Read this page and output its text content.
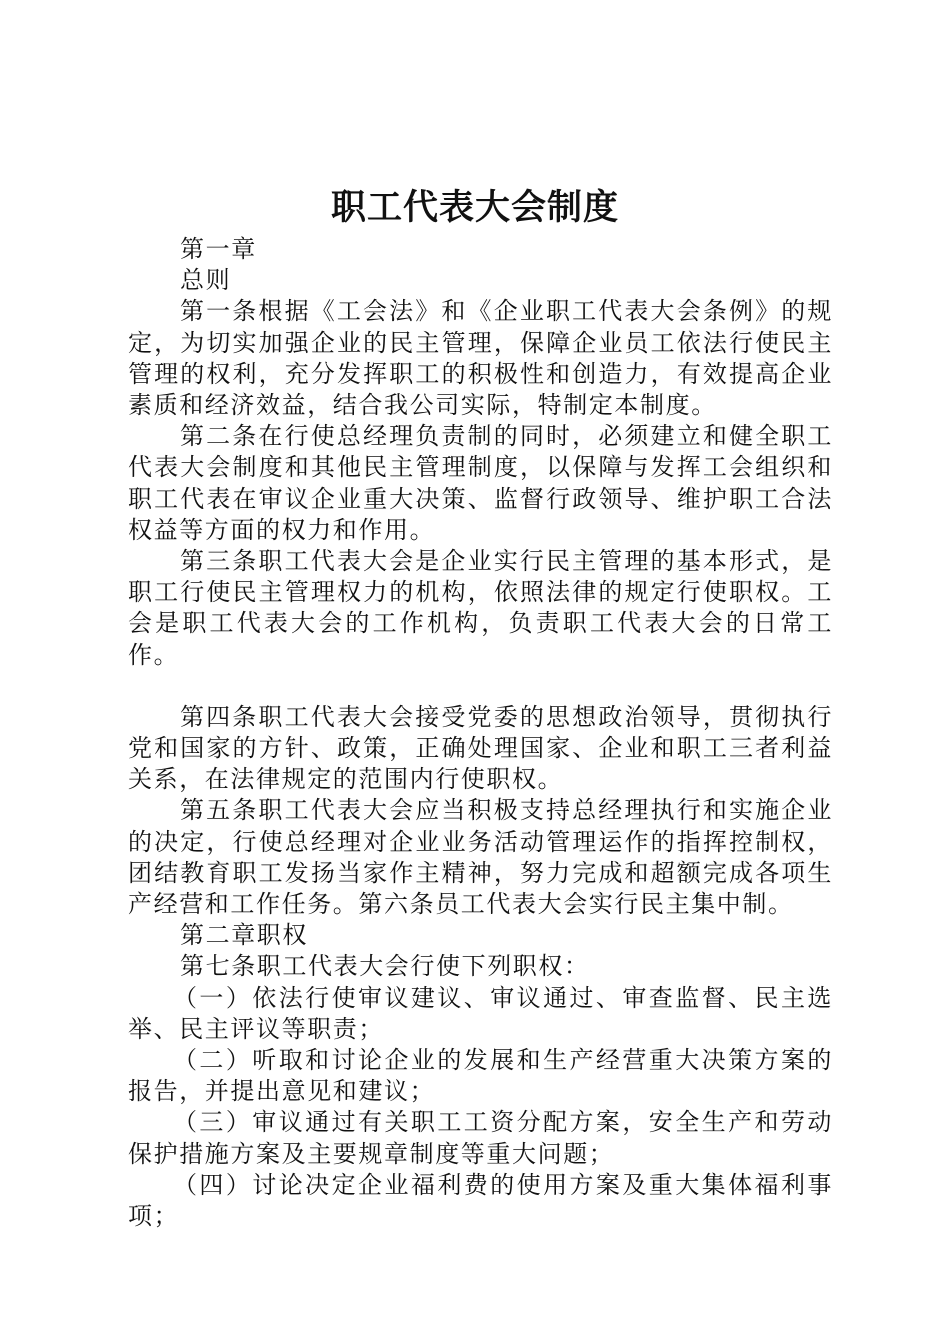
职工代表大会制度

第一章

总则

第一条根据《工会法》和《企业职工代表大会条例》的规定，为切实加强企业的民主管理，保障企业员工依法行使民主管理的权利，充分发挥职工的积极性和创造力，有效提高企业素质和经济效益，结合我公司实际，特制定本制度。

第二条在行使总经理负责制的同时，必须建立和健全职工代表大会制度和其他民主管理制度，以保障与发挥工会组织和职工代表在审议企业重大决策、监督行政领导、维护职工合法权益等方面的权力和作用。

第三条职工代表大会是企业实行民主管理的基本形式，是职工行使民主管理权力的机构，依照法律的规定行使职权。工会是职工代表大会的工作机构，负责职工代表大会的日常工作。

第四条职工代表大会接受党委的思想政治领导，贯彻执行党和国家的方针、政策，正确处理国家、企业和职工三者利益关系，在法律规定的范围内行使职权。

第五条职工代表大会应当积极支持总经理执行和实施企业的决定，行使总经理对企业业务活动管理运作的指挥控制权，团结教育职工发扬当家作主精神，努力完成和超额完成各项生产经营和工作任务。第六条员工代表大会实行民主集中制。

第二章职权

第七条职工代表大会行使下列职权：

（一）依法行使审议建议、审议通过、审查监督、民主选举、民主评议等职责；

（二）听取和讨论企业的发展和生产经营重大决策方案的报告，并提出意见和建议；

（三）审议通过有关职工工资分配方案，安全生产和劳动保护措施方案及主要规章制度等重大问题；

（四）讨论决定企业福利费的使用方案及重大集体福利事项；
